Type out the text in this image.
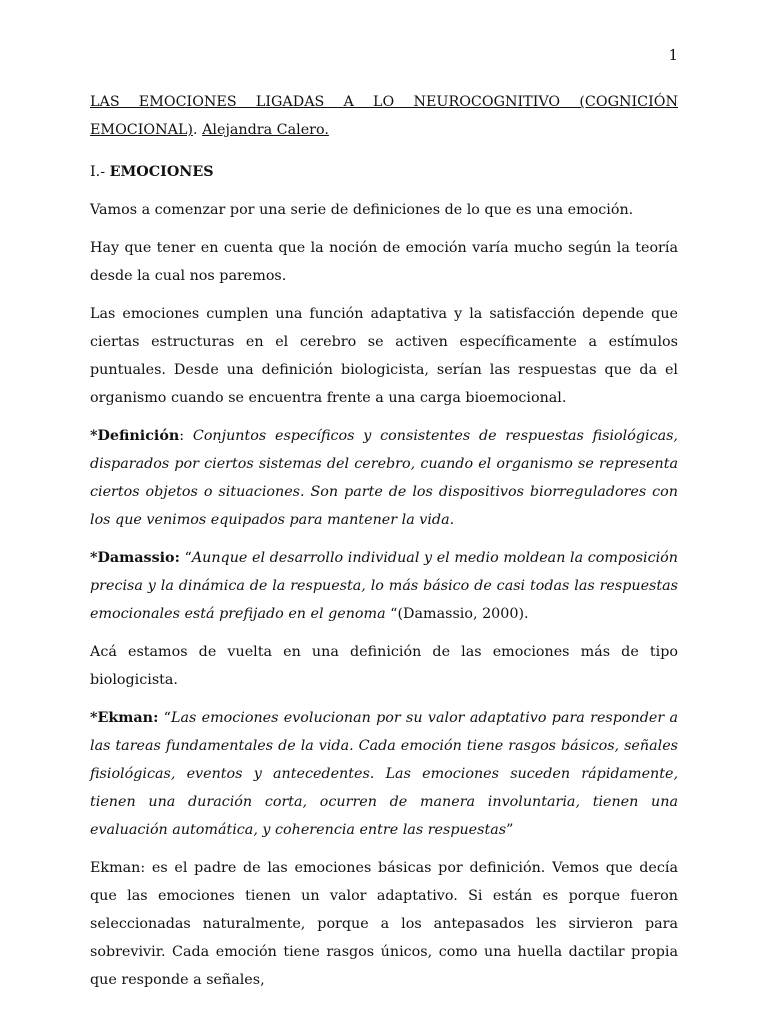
1

LAS EMOCIONES LIGADAS A LO NEUROCOGNITIVO (COGNICIÓN
EMOCIONAL). Alejandra Calero.

I.- EMOCIONES

Vamos a comenzar por una serie de definiciones de lo que es una emoción.

Hay que tener en cuenta que la noción de emoción varía mucho según la teoría desde la cual nos paremos.

Las emociones cumplen una función adaptativa y la satisfacción depende que ciertas estructuras en el cerebro se activen específicamente a estímulos puntuales. Desde una definición biologicista, serían las respuestas que da el organismo cuando se encuentra frente a una carga bioemocional.

*Definición: Conjuntos específicos y consistentes de respuestas fisiológicas, disparados por ciertos sistemas del cerebro, cuando el organismo se representa ciertos objetos o situaciones. Son parte de los dispositivos biorreguladores con los que venimos equipados para mantener la vida.

*Damassio: “Aunque el desarrollo individual y el medio moldean la composición precisa y la dinámica de la respuesta, lo más básico de casi todas las respuestas emocionales está prefijado en el genoma “(Damassio, 2000).

Acá estamos de vuelta en una definición de las emociones más de tipo biologicista.

*Ekman: “Las emociones evolucionan por su valor adaptativo para responder a las tareas fundamentales de la vida. Cada emoción tiene rasgos básicos, señales fisiológicas, eventos y antecedentes. Las emociones suceden rápidamente, tienen una duración corta, ocurren de manera involuntaria, tienen una evaluación automática, y coherencia entre las respuestas”

Ekman: es el padre de las emociones básicas por definición. Vemos que decía que las emociones tienen un valor adaptativo. Si están es porque fueron seleccionadas naturalmente, porque a los antepasados les sirvieron para sobrevivir. Cada emoción tiene rasgos únicos, como una huella dactilar propia que responde a señales,
